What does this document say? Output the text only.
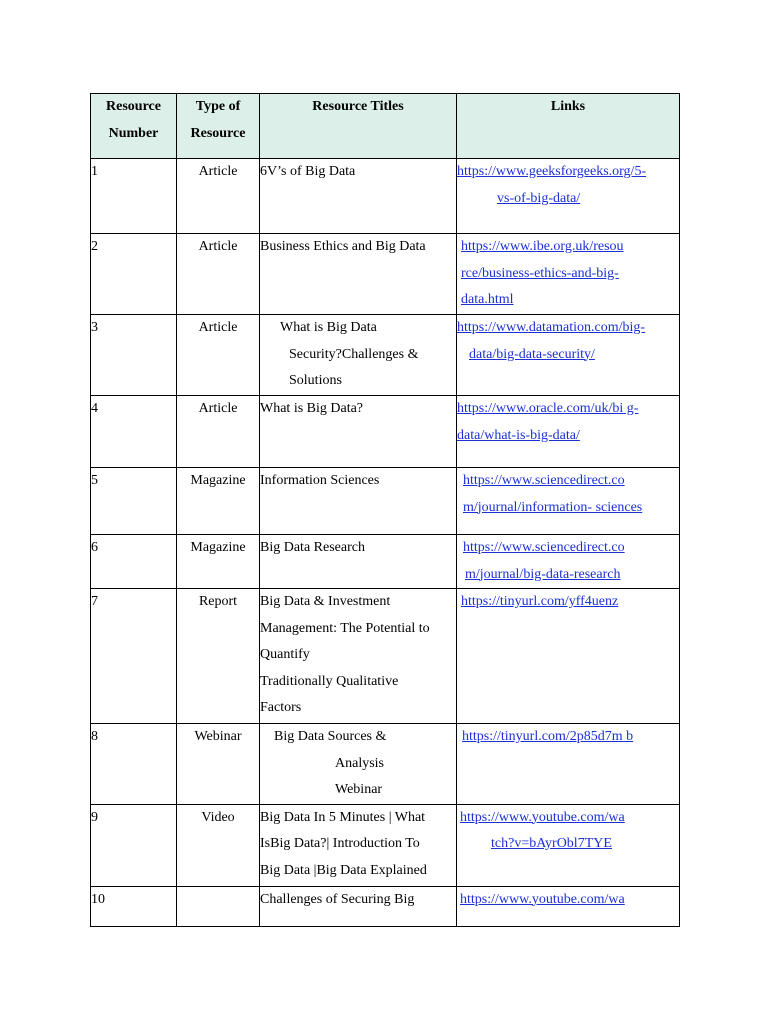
Resource
Number	Type of
Resource	Resource Titles	Links
1	Article	6V’s of Big Data	https://www.geeksforgeeks.org/5-
vs-of-big-data/

2	Article	Business Ethics and Big Data	https://www.ibe.org.uk/resou
rce/business-ethics-and-big-
data.html

3	Article	What is Big Data
Security?Challenges &
Solutions	https://www.datamation.com/big-
data/big-data-security/

4	Article	What is Big Data?	https://www.oracle.com/uk/bi g-
data/what-is-big-data/

5	Magazine	Information Sciences	https://www.sciencedirect.co
m/journal/information- sciences

6	Magazine	Big Data Research	https://www.sciencedirect.co
m/journal/big-data-research

7	Report	Big Data & Investment
Management: The Potential to
Quantify
Traditionally Qualitative
Factors	https://tinyurl.com/yff4uenz

8	Webinar	Big Data Sources &
Analysis
Webinar	https://tinyurl.com/2p85d7m b

9	Video	Big Data In 5 Minutes | What
IsBig Data?| Introduction To
Big Data |Big Data Explained	https://www.youtube.com/wa
tch?v=bAyrObl7TYE

10		Challenges of Securing Big	https://www.youtube.com/wa
